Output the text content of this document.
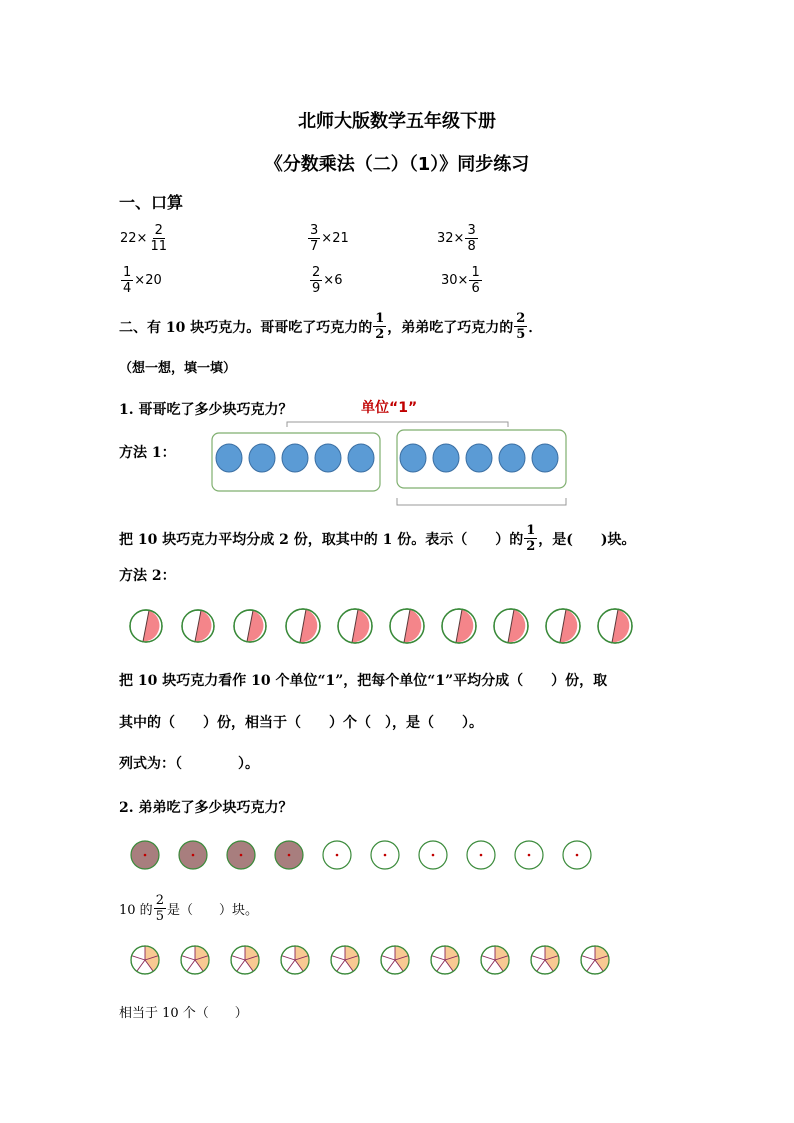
北师大版数学五年级下册
《分数乘法（二）（1）》同步练习
一、口算
$22 \times \frac{2}{11}$	$\frac{3}{7} \times 21$	$32 \times \frac{3}{8}$
$\frac{1}{4} \times 20$	$\frac{2}{9} \times 6$	$30 \times \frac{1}{6}$
二、有 10 块巧克力。哥哥吃了巧克力的 $\frac{1}{2}$ ，弟弟吃了巧克力的 $\frac{2}{5}$ ．
（想一想，填一填）
1. 哥哥吃了多少块巧克力？	单位“1”
方法 1：
把 10 块巧克力平均分成 2 份，取其中的 1 份。表示（　　）的 $\frac{1}{2}$ ，是(　　)块。
方法 2：
把 10 块巧克力看作 10 个单位“1”，把每个单位“1”平均分成（　　）份，取
其中的（　　）份，相当于（　　）个（　），是（　　）。
列式为：（　　　　）。
2. 弟弟吃了多少块巧克力？
10 的 $\frac{2}{5}$ 是（　　）块。
相当于 10 个（　　）
